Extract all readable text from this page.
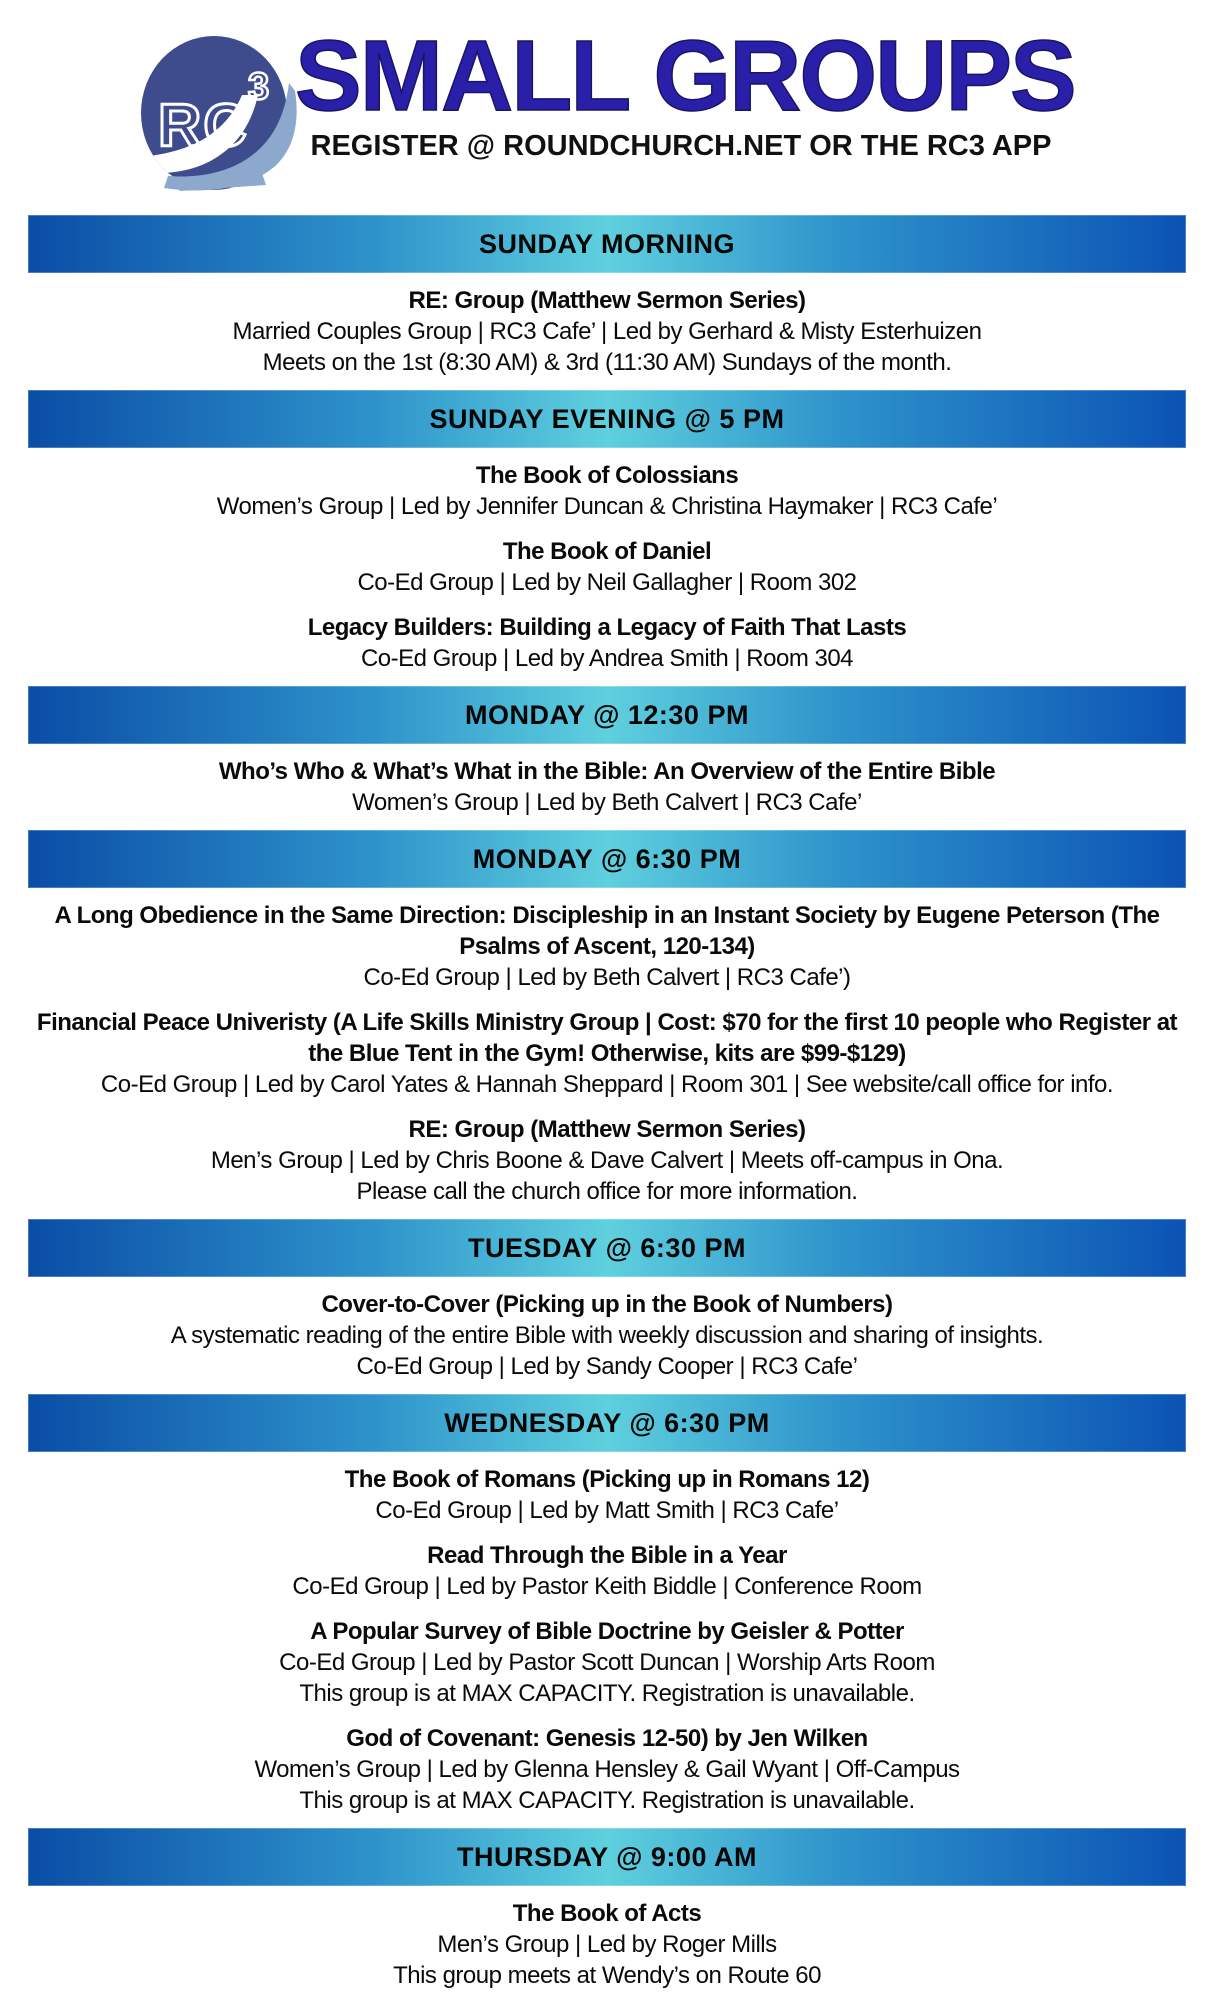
RC
3 SMALL GROUPS
REGISTER @ ROUNDCHURCH.NET OR THE RC3 APP
SUNDAY MORNING

RE: Group (Matthew Sermon Series)

Married Couples Group | RC3 Cafe’ | Led by Gerhard & Misty Esterhuizen

Meets on the 1st (8:30 AM) & 3rd (11:30 AM) Sundays of the month.

SUNDAY EVENING @ 5 PM

The Book of Colossians

Women’s Group | Led by Jennifer Duncan & Christina Haymaker | RC3 Cafe’

The Book of Daniel

Co-Ed Group | Led by Neil Gallagher | Room 302

Legacy Builders: Building a Legacy of Faith That Lasts

Co-Ed Group | Led by Andrea Smith | Room 304

MONDAY @ 12:30 PM

Who’s Who & What’s What in the Bible: An Overview of the Entire Bible

Women’s Group | Led by Beth Calvert | RC3 Cafe’

MONDAY @ 6:30 PM

A Long Obedience in the Same Direction: Discipleship in an Instant Society by Eugene Peterson (The Psalms of Ascent, 120-134)

Co-Ed Group | Led by Beth Calvert | RC3 Cafe’)

Financial Peace Univeristy (A Life Skills Ministry Group | Cost: $70 for the first 10 people who Register at the Blue Tent in the Gym! Otherwise, kits are $99-$129)

Co-Ed Group | Led by Carol Yates & Hannah Sheppard | Room 301 | See website/call office for info.

RE: Group (Matthew Sermon Series)

Men’s Group | Led by Chris Boone & Dave Calvert | Meets off-campus in Ona.

Please call the church office for more information.

TUESDAY @ 6:30 PM

Cover-to-Cover (Picking up in the Book of Numbers)

A systematic reading of the entire Bible with weekly discussion and sharing of insights.

Co-Ed Group | Led by Sandy Cooper | RC3 Cafe’

WEDNESDAY @ 6:30 PM

The Book of Romans (Picking up in Romans 12)

Co-Ed Group | Led by Matt Smith | RC3 Cafe’

Read Through the Bible in a Year

Co-Ed Group | Led by Pastor Keith Biddle | Conference Room

A Popular Survey of Bible Doctrine by Geisler & Potter

Co-Ed Group | Led by Pastor Scott Duncan | Worship Arts Room

This group is at MAX CAPACITY. Registration is unavailable.

God of Covenant: Genesis 12-50) by Jen Wilken

Women’s Group | Led by Glenna Hensley & Gail Wyant | Off-Campus

This group is at MAX CAPACITY. Registration is unavailable.

THURSDAY @ 9:00 AM

The Book of Acts

Men’s Group | Led by Roger Mills

This group meets at Wendy’s on Route 60
